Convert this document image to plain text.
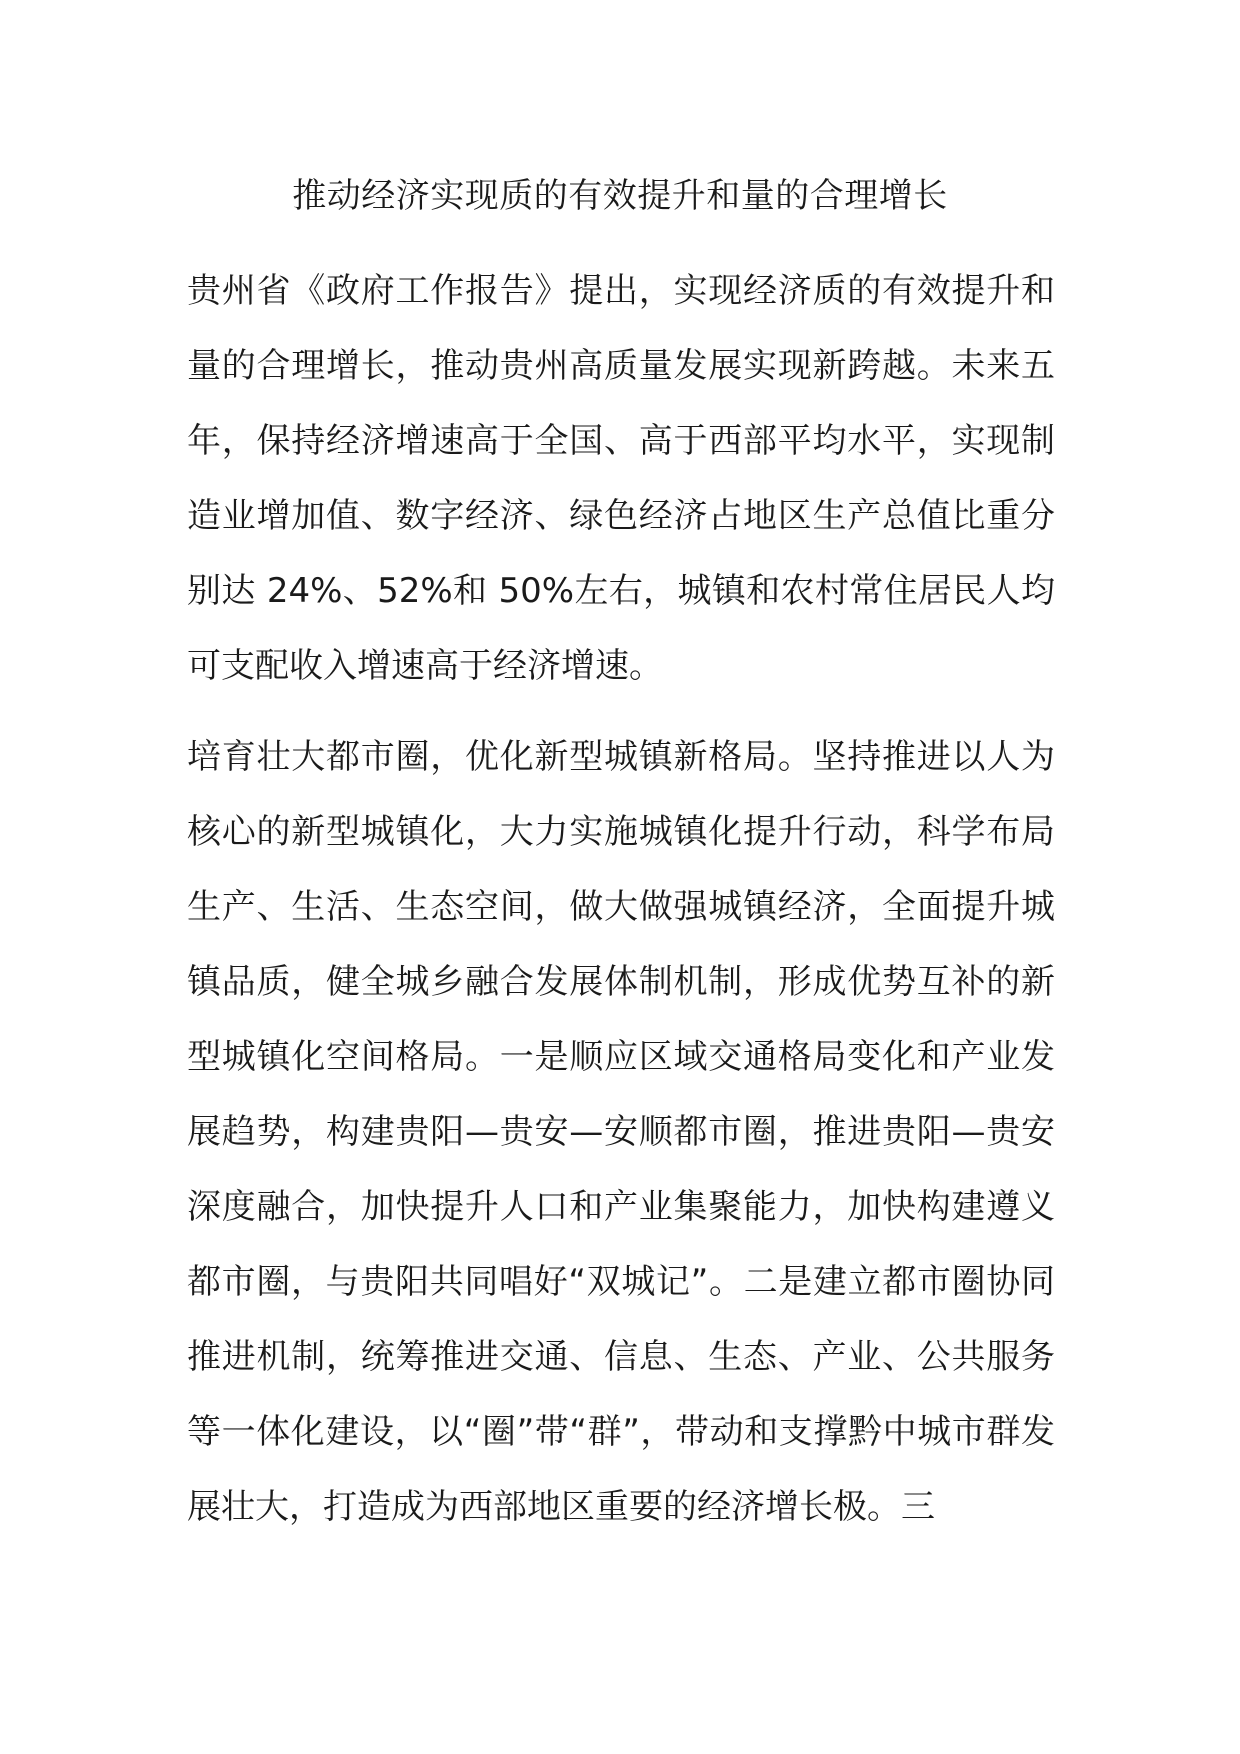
推动经济实现质的有效提升和量的合理增长

贵州省《政府工作报告》提出，实现经济质的有效提升和量的合理增长，推动贵州高质量发展实现新跨越。未来五年，保持经济增速高于全国、高于西部平均水平，实现制造业增加值、数字经济、绿色经济占地区生产总值比重分别达 24%、52%和 50%左右，城镇和农村常住居民人均可支配收入增速高于经济增速。

培育壮大都市圈，优化新型城镇新格局。坚持推进以人为核心的新型城镇化，大力实施城镇化提升行动，科学布局生产、生活、生态空间，做大做强城镇经济，全面提升城镇品质，健全城乡融合发展体制机制，形成优势互补的新型城镇化空间格局。一是顺应区域交通格局变化和产业发展趋势，构建贵阳—贵安—安顺都市圈，推进贵阳—贵安深度融合，加快提升人口和产业集聚能力，加快构建遵义都市圈，与贵阳共同唱好“双城记”。二是建立都市圈协同推进机制，统筹推进交通、信息、生态、产业、公共服务等一体化建设，以“圈”带“群”，带动和支撑黔中城市群发展壮大，打造成为西部地区重要的经济增长极。三
